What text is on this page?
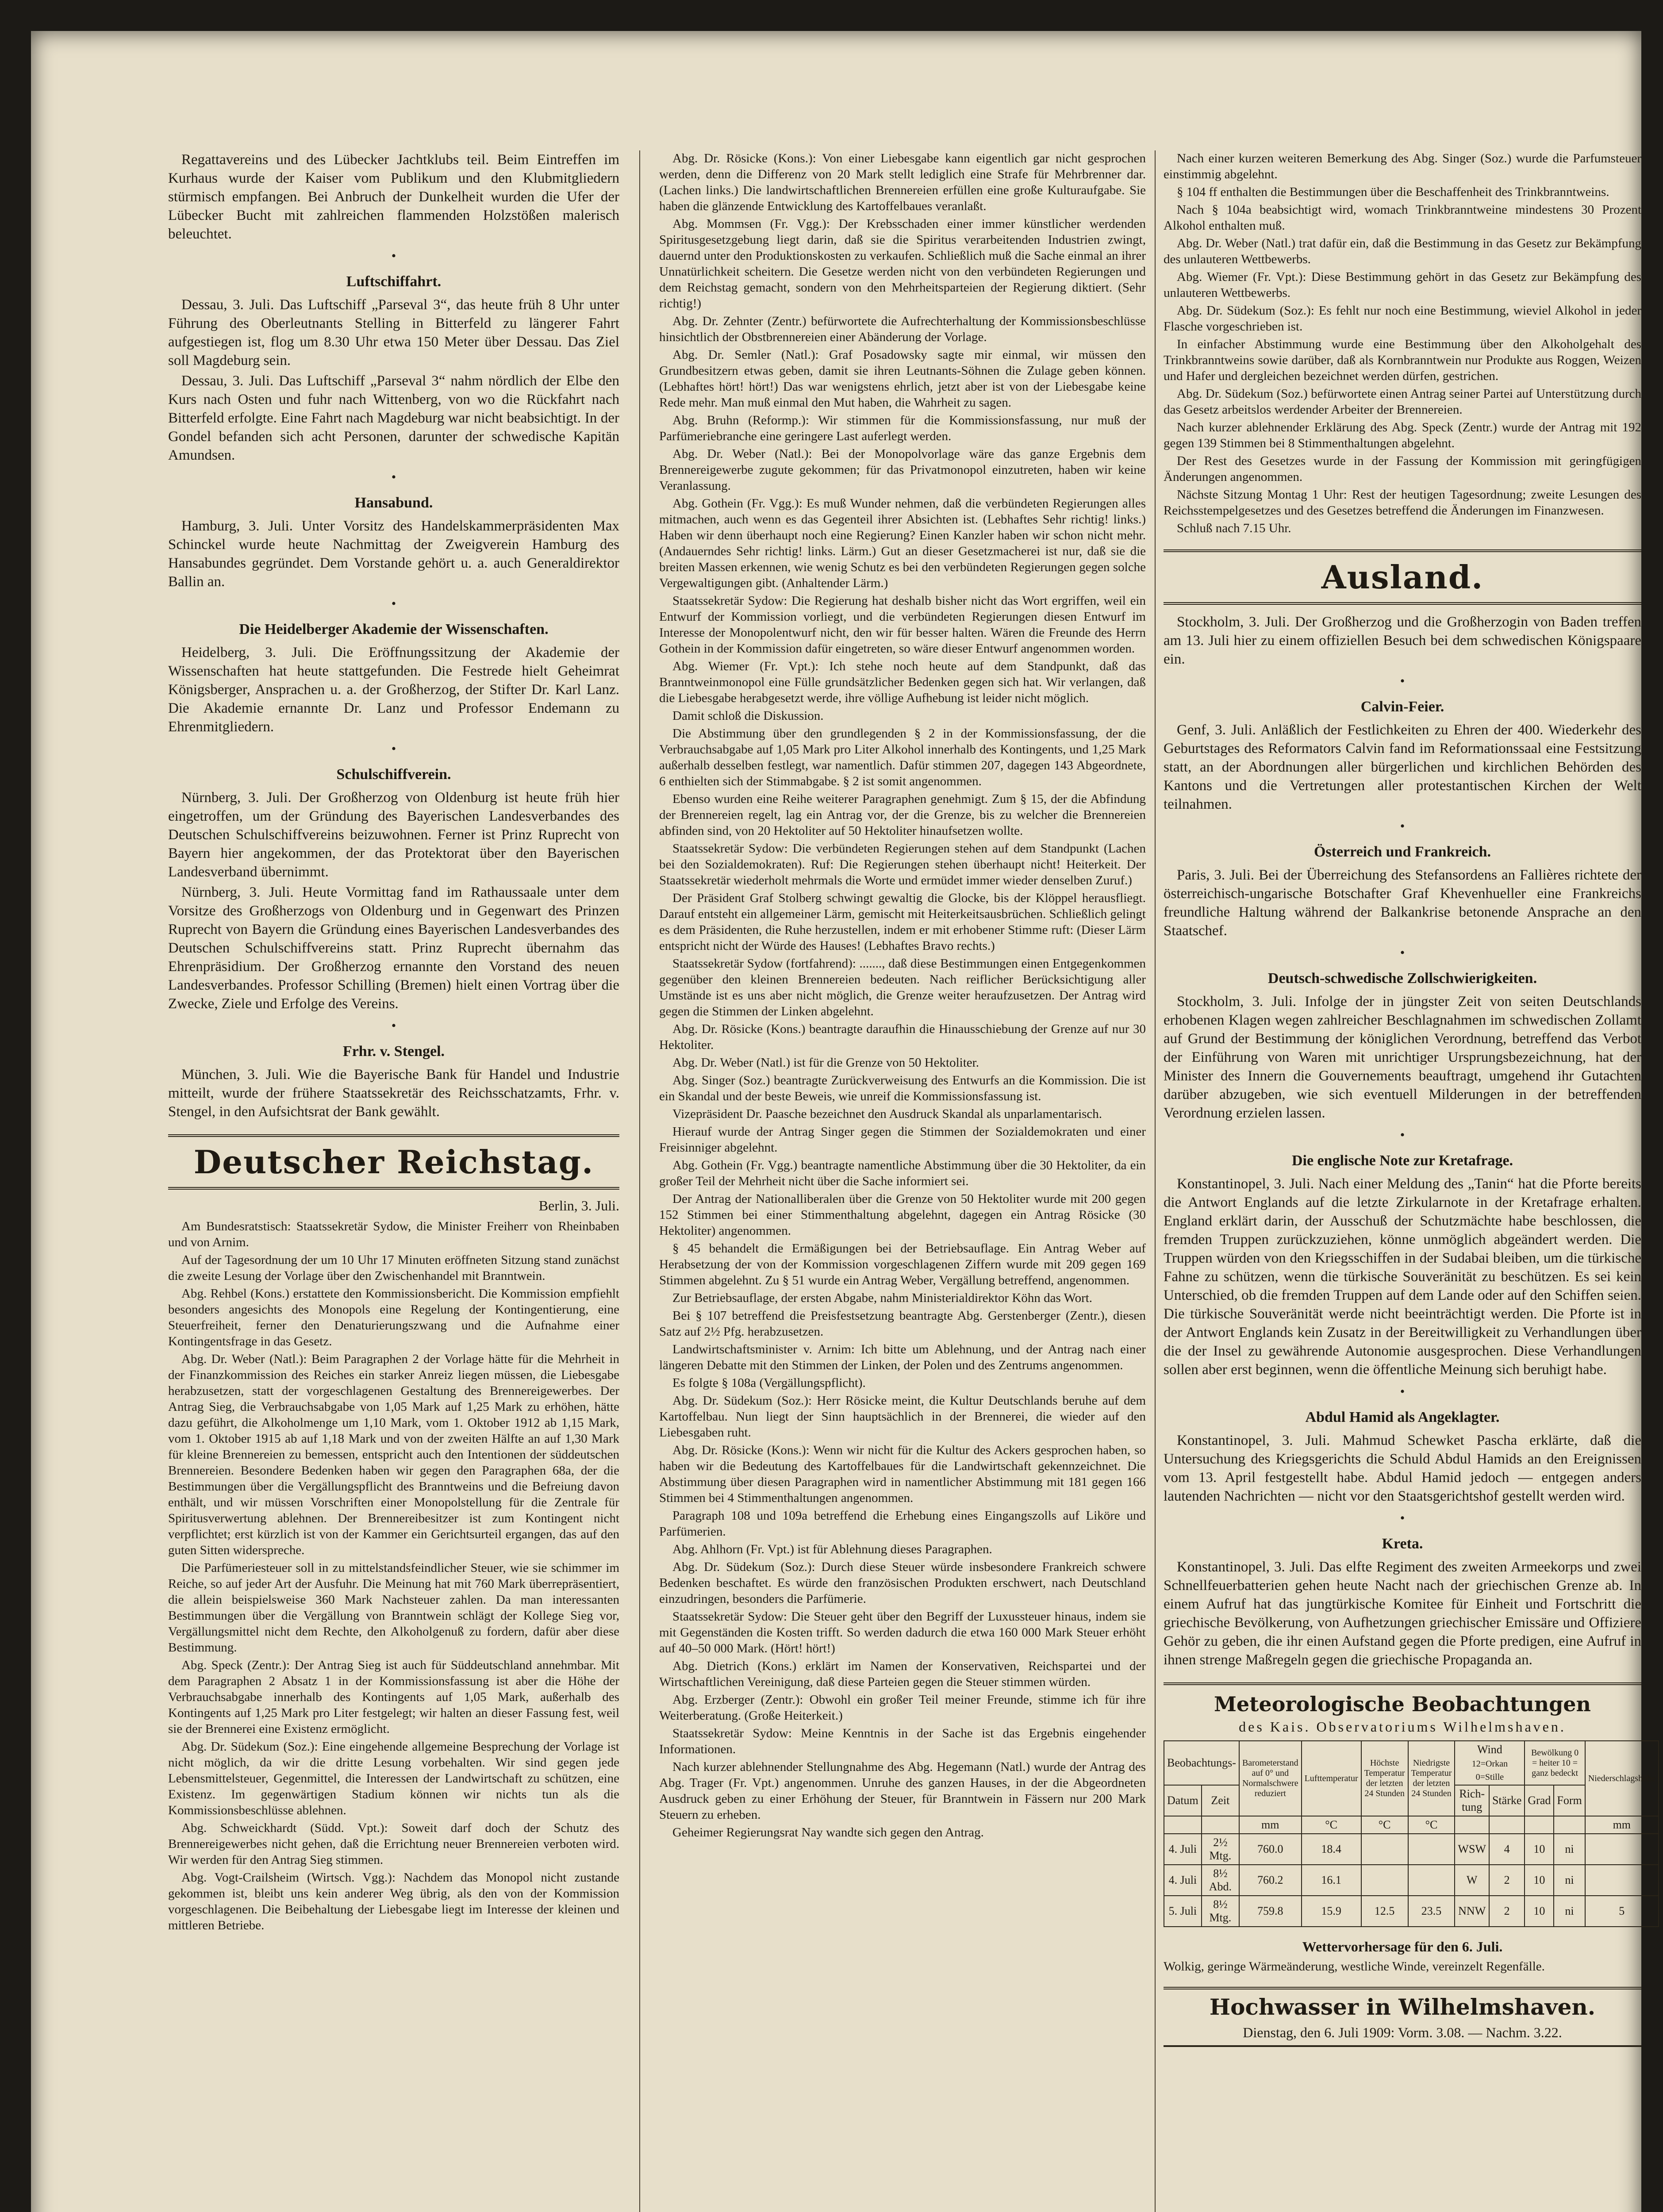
Regattavereins und des Lübecker Jachtklubs teil. Beim Eintreffen im Kurhaus wurde der Kaiser vom Publikum und den Klubmitgliedern stürmisch empfangen. Bei Anbruch der Dunkelheit wurden die Ufer der Lübecker Bucht mit zahlreichen flammenden Holzstößen malerisch beleuchtet.
•
Luftschiffahrt.
Dessau, 3. Juli. Das Luftschiff „Parseval 3“, das heute früh 8 Uhr unter Führung des Oberleutnants Stelling in Bitterfeld zu längerer Fahrt aufgestiegen ist, flog um 8.30 Uhr etwa 150 Meter über Dessau. Das Ziel soll Magdeburg sein.
Dessau, 3. Juli. Das Luftschiff „Parseval 3“ nahm nördlich der Elbe den Kurs nach Osten und fuhr nach Wittenberg, von wo die Rückfahrt nach Bitterfeld erfolgte. Eine Fahrt nach Magdeburg war nicht beabsichtigt. In der Gondel befanden sich acht Personen, darunter der schwedische Kapitän Amundsen.
•
Hansabund.
Hamburg, 3. Juli. Unter Vorsitz des Handelskammerpräsidenten Max Schinckel wurde heute Nachmittag der Zweigverein Hamburg des Hansabundes gegründet. Dem Vorstande gehört u. a. auch Generaldirektor Ballin an.
•
Die Heidelberger Akademie der Wissenschaften.
Heidelberg, 3. Juli. Die Eröffnungssitzung der Akademie der Wissenschaften hat heute stattgefunden. Die Festrede hielt Geheimrat Königsberger, Ansprachen u. a. der Großherzog, der Stifter Dr. Karl Lanz. Die Akademie ernannte Dr. Lanz und Professor Endemann zu Ehrenmitgliedern.
•
Schulschiffverein.
Nürnberg, 3. Juli. Der Großherzog von Oldenburg ist heute früh hier eingetroffen, um der Gründung des Bayerischen Landesverbandes des Deutschen Schulschiffvereins beizuwohnen. Ferner ist Prinz Ruprecht von Bayern hier angekommen, der das Protektorat über den Bayerischen Landesverband übernimmt.
Nürnberg, 3. Juli. Heute Vormittag fand im Rathaussaale unter dem Vorsitze des Großherzogs von Oldenburg und in Gegenwart des Prinzen Ruprecht von Bayern die Gründung eines Bayerischen Landesverbandes des Deutschen Schulschiffvereins statt. Prinz Ruprecht übernahm das Ehrenpräsidium. Der Großherzog ernannte den Vorstand des neuen Landesverbandes. Professor Schilling (Bremen) hielt einen Vortrag über die Zwecke, Ziele und Erfolge des Vereins.
•
Frhr. v. Stengel.
München, 3. Juli. Wie die Bayerische Bank für Handel und Industrie mitteilt, wurde der frühere Staatssekretär des Reichsschatzamts, Frhr. v. Stengel, in den Aufsichtsrat der Bank gewählt.
Deutscher Reichstag.
Berlin, 3. Juli.
Am Bundesratstisch: Staatssekretär Sydow, die Minister Freiherr von Rheinbaben und von Arnim.
Auf der Tagesordnung der um 10 Uhr 17 Minuten eröffneten Sitzung stand zunächst die zweite Lesung der Vorlage über den Zwischenhandel mit Branntwein.
Abg. Rehbel (Kons.) erstattete den Kommissionsbericht. Die Kommission empfiehlt besonders angesichts des Monopols eine Regelung der Kontingentierung, eine Steuerfreiheit, ferner den Denaturierungszwang und die Aufnahme einer Kontingentsfrage in das Gesetz.
Abg. Dr. Weber (Natl.): Beim Paragraphen 2 der Vorlage hätte für die Mehrheit in der Finanzkommission des Reiches ein starker Anreiz liegen müssen, die Liebesgabe herabzusetzen, statt der vorgeschlagenen Gestaltung des Brennereigewerbes. Der Antrag Sieg, die Verbrauchsabgabe von 1,05 Mark auf 1,25 Mark zu erhöhen, hätte dazu geführt, die Alkoholmenge um 1,10 Mark, vom 1. Oktober 1912 ab 1,15 Mark, vom 1. Oktober 1915 ab auf 1,18 Mark und von der zweiten Hälfte an auf 1,30 Mark für kleine Brennereien zu bemessen, entspricht auch den Intentionen der süddeutschen Brennereien. Besondere Bedenken haben wir gegen den Paragraphen 68a, der die Bestimmungen über die Vergällungspflicht des Branntweins und die Befreiung davon enthält, und wir müssen Vorschriften einer Monopolstellung für die Zentrale für Spiritusverwertung ablehnen. Der Brennereibesitzer ist zum Kontingent nicht verpflichtet; erst kürzlich ist von der Kammer ein Gerichtsurteil ergangen, das auf den guten Sitten widerspreche.
Die Parfümeriesteuer soll in zu mittelstandsfeindlicher Steuer, wie sie schimmer im Reiche, so auf jeder Art der Ausfuhr. Die Meinung hat mit 760 Mark überrepräsentiert, die allein beispielsweise 360 Mark Nachsteuer zahlen. Da man interessanten Bestimmungen über die Vergällung von Branntwein schlägt der Kollege Sieg vor, Vergällungsmittel nicht dem Rechte, den Alkoholgenuß zu fordern, dafür aber diese Bestimmung.
Abg. Speck (Zentr.): Der Antrag Sieg ist auch für Süddeutschland annehmbar. Mit dem Paragraphen 2 Absatz 1 in der Kommissionsfassung ist aber die Höhe der Verbrauchsabgabe innerhalb des Kontingents auf 1,05 Mark, außerhalb des Kontingents auf 1,25 Mark pro Liter festgelegt; wir halten an dieser Fassung fest, weil sie der Brennerei eine Existenz ermöglicht.
Abg. Dr. Südekum (Soz.): Eine eingehende allgemeine Besprechung der Vorlage ist nicht möglich, da wir die dritte Lesung vorbehalten. Wir sind gegen jede Lebensmittelsteuer, Gegenmittel, die Interessen der Landwirtschaft zu schützen, eine Existenz. Im gegenwärtigen Stadium können wir nichts tun als die Kommissionsbeschlüsse ablehnen.
Abg. Schweickhardt (Südd. Vpt.): Soweit darf doch der Schutz des Brennereigewerbes nicht gehen, daß die Errichtung neuer Brennereien verboten wird. Wir werden für den Antrag Sieg stimmen.
Abg. Vogt-Crailsheim (Wirtsch. Vgg.): Nachdem das Monopol nicht zustande gekommen ist, bleibt uns kein anderer Weg übrig, als den von der Kommission vorgeschlagenen. Die Beibehaltung der Liebesgabe liegt im Interesse der kleinen und mittleren Betriebe.
Abg. Dr. Rösicke (Kons.): Von einer Liebesgabe kann eigentlich gar nicht gesprochen werden, denn die Differenz von 20 Mark stellt lediglich eine Strafe für Mehrbrenner dar. (Lachen links.) Die landwirtschaftlichen Brennereien erfüllen eine große Kulturaufgabe. Sie haben die glänzende Entwicklung des Kartoffelbaues veranlaßt.
Abg. Mommsen (Fr. Vgg.): Der Krebsschaden einer immer künstlicher werdenden Spiritusgesetzgebung liegt darin, daß sie die Spiritus verarbeitenden Industrien zwingt, dauernd unter den Produktionskosten zu verkaufen. Schließlich muß die Sache einmal an ihrer Unnatürlichkeit scheitern. Die Gesetze werden nicht von den verbündeten Regierungen und dem Reichstag gemacht, sondern von den Mehrheitsparteien der Regierung diktiert. (Sehr richtig!)
Abg. Dr. Zehnter (Zentr.) befürwortete die Aufrechterhaltung der Kommissionsbeschlüsse hinsichtlich der Obstbrennereien einer Abänderung der Vorlage.
Abg. Dr. Semler (Natl.): Graf Posadowsky sagte mir einmal, wir müssen den Grundbesitzern etwas geben, damit sie ihren Leutnants-Söhnen die Zulage geben können. (Lebhaftes hört! hört!) Das war wenigstens ehrlich, jetzt aber ist von der Liebesgabe keine Rede mehr. Man muß einmal den Mut haben, die Wahrheit zu sagen.
Abg. Bruhn (Reformp.): Wir stimmen für die Kommissionsfassung, nur muß der Parfümeriebranche eine geringere Last auferlegt werden.
Abg. Dr. Weber (Natl.): Bei der Monopolvorlage wäre das ganze Ergebnis dem Brennereigewerbe zugute gekommen; für das Privatmonopol einzutreten, haben wir keine Veranlassung.
Abg. Gothein (Fr. Vgg.): Es muß Wunder nehmen, daß die verbündeten Regierungen alles mitmachen, auch wenn es das Gegenteil ihrer Absichten ist. (Lebhaftes Sehr richtig! links.) Haben wir denn überhaupt noch eine Regierung? Einen Kanzler haben wir schon nicht mehr. (Andauerndes Sehr richtig! links. Lärm.) Gut an dieser Gesetzmacherei ist nur, daß sie die breiten Massen erkennen, wie wenig Schutz es bei den verbündeten Regierungen gegen solche Vergewaltigungen gibt. (Anhaltender Lärm.)
Staatssekretär Sydow: Die Regierung hat deshalb bisher nicht das Wort ergriffen, weil ein Entwurf der Kommission vorliegt, und die verbündeten Regierungen diesen Entwurf im Interesse der Monopolentwurf nicht, den wir für besser halten. Wären die Freunde des Herrn Gothein in der Kommission dafür eingetreten, so wäre dieser Entwurf angenommen worden.
Abg. Wiemer (Fr. Vpt.): Ich stehe noch heute auf dem Standpunkt, daß das Branntweinmonopol eine Fülle grundsätzlicher Bedenken gegen sich hat. Wir verlangen, daß die Liebesgabe herabgesetzt werde, ihre völlige Aufhebung ist leider nicht möglich.
Damit schloß die Diskussion.
Die Abstimmung über den grundlegenden § 2 in der Kommissionsfassung, der die Verbrauchsabgabe auf 1,05 Mark pro Liter Alkohol innerhalb des Kontingents, und 1,25 Mark außerhalb desselben festlegt, war namentlich. Dafür stimmen 207, dagegen 143 Abgeordnete, 6 enthielten sich der Stimmabgabe. § 2 ist somit angenommen.
Ebenso wurden eine Reihe weiterer Paragraphen genehmigt. Zum § 15, der die Abfindung der Brennereien regelt, lag ein Antrag vor, der die Grenze, bis zu welcher die Brennereien abfinden sind, von 20 Hektoliter auf 50 Hektoliter hinaufsetzen wollte.
Staatssekretär Sydow: Die verbündeten Regierungen stehen auf dem Standpunkt (Lachen bei den Sozialdemokraten). Ruf: Die Regierungen stehen überhaupt nicht! Heiterkeit. Der Staatssekretär wiederholt mehrmals die Worte und ermüdet immer wieder denselben Zuruf.)
Der Präsident Graf Stolberg schwingt gewaltig die Glocke, bis der Klöppel herausfliegt. Darauf entsteht ein allgemeiner Lärm, gemischt mit Heiterkeitsausbrüchen. Schließlich gelingt es dem Präsidenten, die Ruhe herzustellen, indem er mit erhobener Stimme ruft: (Dieser Lärm entspricht nicht der Würde des Hauses! (Lebhaftes Bravo rechts.)
Staatssekretär Sydow (fortfahrend): ......., daß diese Bestimmungen einen Entgegenkommen gegenüber den kleinen Brennereien bedeuten. Nach reiflicher Berücksichtigung aller Umstände ist es uns aber nicht möglich, die Grenze weiter heraufzusetzen. Der Antrag wird gegen die Stimmen der Linken abgelehnt.
Abg. Dr. Rösicke (Kons.) beantragte daraufhin die Hinausschiebung der Grenze auf nur 30 Hektoliter.
Abg. Dr. Weber (Natl.) ist für die Grenze von 50 Hektoliter.
Abg. Singer (Soz.) beantragte Zurückverweisung des Entwurfs an die Kommission. Die ist ein Skandal und der beste Beweis, wie unreif die Kommissionsfassung ist.
Vizepräsident Dr. Paasche bezeichnet den Ausdruck Skandal als unparlamentarisch.
Hierauf wurde der Antrag Singer gegen die Stimmen der Sozialdemokraten und einer Freisinniger abgelehnt.
Abg. Gothein (Fr. Vgg.) beantragte namentliche Abstimmung über die 30 Hektoliter, da ein großer Teil der Mehrheit nicht über die Sache informiert sei.
Der Antrag der Nationalliberalen über die Grenze von 50 Hektoliter wurde mit 200 gegen 152 Stimmen bei einer Stimmenthaltung abgelehnt, dagegen ein Antrag Rösicke (30 Hektoliter) angenommen.
§ 45 behandelt die Ermäßigungen bei der Betriebsauflage. Ein Antrag Weber auf Herabsetzung der von der Kommission vorgeschlagenen Ziffern wurde mit 209 gegen 169 Stimmen abgelehnt. Zu § 51 wurde ein Antrag Weber, Vergällung betreffend, angenommen.
Zur Betriebsauflage, der ersten Abgabe, nahm Ministerialdirektor Köhn das Wort.
Bei § 107 betreffend die Preisfestsetzung beantragte Abg. Gerstenberger (Zentr.), diesen Satz auf 2½ Pfg. herabzusetzen.
Landwirtschaftsminister v. Arnim: Ich bitte um Ablehnung, und der Antrag nach einer längeren Debatte mit den Stimmen der Linken, der Polen und des Zentrums angenommen.
Es folgte § 108a (Vergällungspflicht).
Abg. Dr. Südekum (Soz.): Herr Rösicke meint, die Kultur Deutschlands beruhe auf dem Kartoffelbau. Nun liegt der Sinn hauptsächlich in der Brennerei, die wieder auf den Liebesgaben ruht.
Abg. Dr. Rösicke (Kons.): Wenn wir nicht für die Kultur des Ackers gesprochen haben, so haben wir die Bedeutung des Kartoffelbaues für die Landwirtschaft gekennzeichnet. Die Abstimmung über diesen Paragraphen wird in namentlicher Abstimmung mit 181 gegen 166 Stimmen bei 4 Stimmenthaltungen angenommen.
Paragraph 108 und 109a betreffend die Erhebung eines Eingangszolls auf Liköre und Parfümerien.
Abg. Ahlhorn (Fr. Vpt.) ist für Ablehnung dieses Paragraphen.
Abg. Dr. Südekum (Soz.): Durch diese Steuer würde insbesondere Frankreich schwere Bedenken beschaftet. Es würde den französischen Produkten erschwert, nach Deutschland einzudringen, besonders die Parfümerie.
Staatssekretär Sydow: Die Steuer geht über den Begriff der Luxussteuer hinaus, indem sie mit Gegenständen die Kosten trifft. So werden dadurch die etwa 160 000 Mark Steuer erhöht auf 40–50 000 Mark. (Hört! hört!)
Abg. Dietrich (Kons.) erklärt im Namen der Konservativen, Reichspartei und der Wirtschaftlichen Vereinigung, daß diese Parteien gegen die Steuer stimmen würden.
Abg. Erzberger (Zentr.): Obwohl ein großer Teil meiner Freunde, stimme ich für ihre Weiterberatung. (Große Heiterkeit.)
Staatssekretär Sydow: Meine Kenntnis in der Sache ist das Ergebnis eingehender Informationen.
Nach kurzer ablehnender Stellungnahme des Abg. Hegemann (Natl.) wurde der Antrag des Abg. Trager (Fr. Vpt.) angenommen. Unruhe des ganzen Hauses, in der die Abgeordneten Ausdruck geben zu einer Erhöhung der Steuer, für Branntwein in Fässern nur 200 Mark Steuern zu erheben.
Geheimer Regierungsrat Nay wandte sich gegen den Antrag.
Nach einer kurzen weiteren Bemerkung des Abg. Singer (Soz.) wurde die Parfumsteuer einstimmig abgelehnt.
§ 104 ff enthalten die Bestimmungen über die Beschaffenheit des Trinkbranntweins.
Nach § 104a beabsichtigt wird, womach Trinkbranntweine mindestens 30 Prozent Alkohol enthalten muß.
Abg. Dr. Weber (Natl.) trat dafür ein, daß die Bestimmung in das Gesetz zur Bekämpfung des unlauteren Wettbewerbs.
Abg. Wiemer (Fr. Vpt.): Diese Bestimmung gehört in das Gesetz zur Bekämpfung des unlauteren Wettbewerbs.
Abg. Dr. Südekum (Soz.): Es fehlt nur noch eine Bestimmung, wieviel Alkohol in jeder Flasche vorgeschrieben ist.
In einfacher Abstimmung wurde eine Bestimmung über den Alkoholgehalt des Trinkbranntweins sowie darüber, daß als Kornbranntwein nur Produkte aus Roggen, Weizen und Hafer und dergleichen bezeichnet werden dürfen, gestrichen.
Abg. Dr. Südekum (Soz.) befürwortete einen Antrag seiner Partei auf Unterstützung durch das Gesetz arbeitslos werdender Arbeiter der Brennereien.
Nach kurzer ablehnender Erklärung des Abg. Speck (Zentr.) wurde der Antrag mit 192 gegen 139 Stimmen bei 8 Stimmenthaltungen abgelehnt.
Der Rest des Gesetzes wurde in der Fassung der Kommission mit geringfügigen Änderungen angenommen.
Nächste Sitzung Montag 1 Uhr: Rest der heutigen Tagesordnung; zweite Lesungen des Reichsstempelgesetzes und des Gesetzes betreffend die Änderungen im Finanzwesen.
Schluß nach 7.15 Uhr.
Ausland.
Stockholm, 3. Juli. Der Großherzog und die Großherzogin von Baden treffen am 13. Juli hier zu einem offiziellen Besuch bei dem schwedischen Königspaare ein.
•
Calvin-Feier.
Genf, 3. Juli. Anläßlich der Festlichkeiten zu Ehren der 400. Wiederkehr des Geburtstages des Reformators Calvin fand im Reformationssaal eine Festsitzung statt, an der Abordnungen aller bürgerlichen und kirchlichen Behörden des Kantons und die Vertretungen aller protestantischen Kirchen der Welt teilnahmen.
•
Österreich und Frankreich.
Paris, 3. Juli. Bei der Überreichung des Stefansordens an Fallières richtete der österreichisch-ungarische Botschafter Graf Khevenhueller eine Frankreichs freundliche Haltung während der Balkankrise betonende Ansprache an den Staatschef.
•
Deutsch-schwedische Zollschwierigkeiten.
Stockholm, 3. Juli. Infolge der in jüngster Zeit von seiten Deutschlands erhobenen Klagen wegen zahlreicher Beschlagnahmen im schwedischen Zollamt auf Grund der Bestimmung der königlichen Verordnung, betreffend das Verbot der Einführung von Waren mit unrichtiger Ursprungsbezeichnung, hat der Minister des Innern die Gouvernements beauftragt, umgehend ihr Gutachten darüber abzugeben, wie sich eventuell Milderungen in der betreffenden Verordnung erzielen lassen.
•
Die englische Note zur Kretafrage.
Konstantinopel, 3. Juli. Nach einer Meldung des „Tanin“ hat die Pforte bereits die Antwort Englands auf die letzte Zirkularnote in der Kretafrage erhalten. England erklärt darin, der Ausschuß der Schutzmächte habe beschlossen, die fremden Truppen zurückzuziehen, könne unmöglich abgeändert werden. Die Truppen würden von den Kriegsschiffen in der Sudabai bleiben, um die türkische Fahne zu schützen, wenn die türkische Souveränität zu beschützen. Es sei kein Unterschied, ob die fremden Truppen auf dem Lande oder auf den Schiffen seien. Die türkische Souveränität werde nicht beeinträchtigt werden. Die Pforte ist in der Antwort Englands kein Zusatz in der Bereitwilligkeit zu Verhandlungen über die der Insel zu gewährende Autonomie ausgesprochen. Diese Verhandlungen sollen aber erst beginnen, wenn die öffentliche Meinung sich beruhigt habe.
•
Abdul Hamid als Angeklagter.
Konstantinopel, 3. Juli. Mahmud Schewket Pascha erklärte, daß die Untersuchung des Kriegsgerichts die Schuld Abdul Hamids an den Ereignissen vom 13. April festgestellt habe. Abdul Hamid jedoch — entgegen anders lautenden Nachrichten — nicht vor den Staatsgerichtshof gestellt werden wird.
•
Kreta.
Konstantinopel, 3. Juli. Das elfte Regiment des zweiten Armeekorps und zwei Schnellfeuerbatterien gehen heute Nacht nach der griechischen Grenze ab. In einem Aufruf hat das jungtürkische Komitee für Einheit und Fortschritt die griechische Bevölkerung, von Aufhetzungen griechischer Emissäre und Offiziere Gehör zu geben, die ihr einen Aufstand gegen die Pforte predigen, eine Aufruf in ihnen strenge Maßregeln gegen die griechische Propaganda an.
Meteorologische Beobachtungen
des Kais. Observatoriums Wilhelmshaven.
Beobachtungs-		Barometerstand auf 0° und Normalschwere reduziert	Lufttemperatur	Höchste Temperatur der letzten 24 Stunden	Niedrigste Temperatur der letzten 24 Stunden	Wind
12=Orkan 0=Stille		Bewölkung 0 = heiter 10 = ganz bedeckt		Niederschlagshöhe
Datum	Zeit					Rich-tung	Stärke	Grad	Form	
		mm	°C	°C	°C					mm
4. Juli	2½ Mtg.	760.0	18.4			WSW	4	10	ni	
4. Juli	8½ Abd.	760.2	16.1			W	2	10	ni	
5. Juli	8½ Mtg.	759.8	15.9	12.5	23.5	NNW	2	10	ni	5
Wettervorhersage für den 6. Juli.
Wolkig, geringe Wärmeänderung, westliche Winde, vereinzelt Regenfälle.
Hochwasser in Wilhelmshaven.
Dienstag, den 6. Juli 1909: Vorm. 3.08. — Nachm. 3.22.
